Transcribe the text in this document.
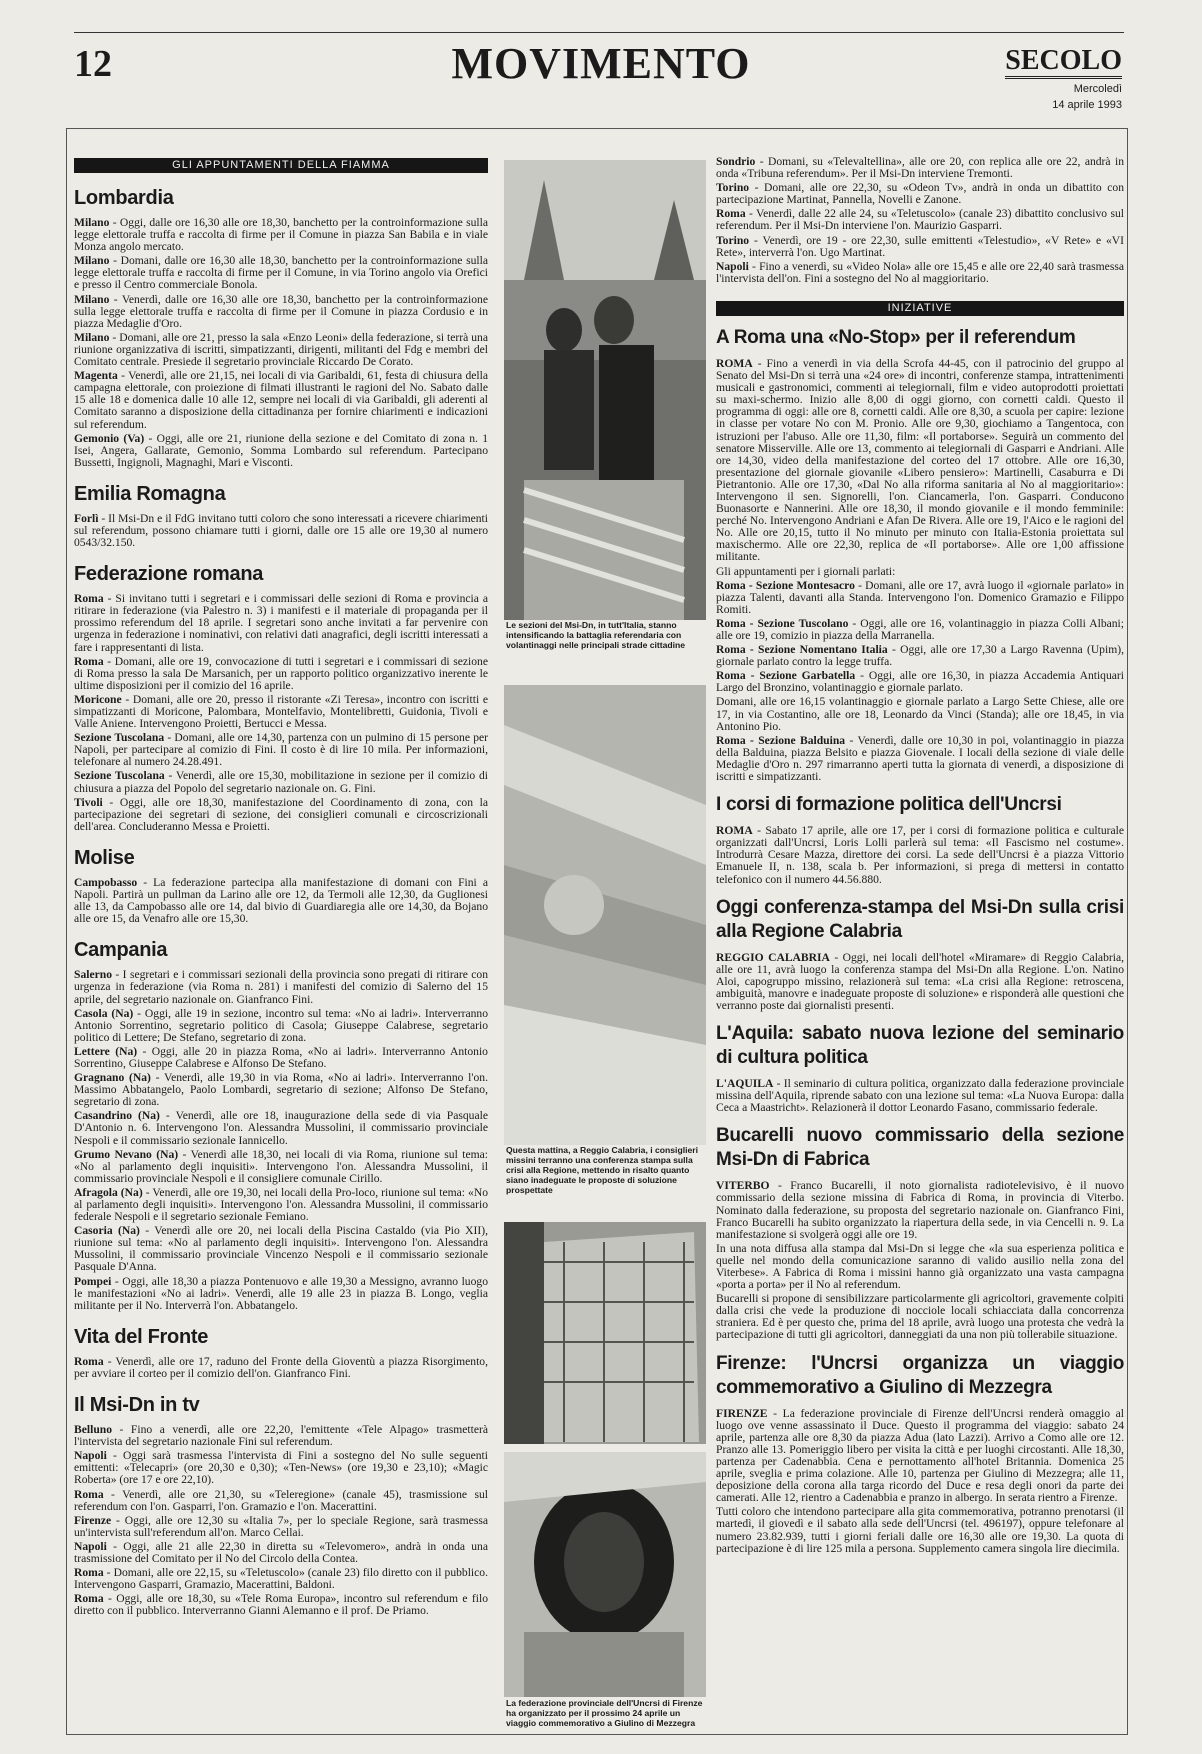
12	MOVIMENTO	SECOLO
Mercoledì
14 aprile 1993
GLI APPUNTAMENTI DELLA FIAMMA
Lombardia

Milano - Oggi, dalle ore 16,30 alle ore 18,30, banchetto per la controinformazione sulla legge elettorale truffa e raccolta di firme per il Comune in piazza San Babila e in viale Monza angolo mercato.

Milano - Domani, dalle ore 16,30 alle 18,30, banchetto per la controinformazione sulla legge elettorale truffa e raccolta di firme per il Comune, in via Torino angolo via Orefici e presso il Centro commerciale Bonola.

Milano - Venerdì, dalle ore 16,30 alle ore 18,30, banchetto per la controinformazione sulla legge elettorale truffa e raccolta di firme per il Comune in piazza Cordusio e in piazza Medaglie d'Oro.

Milano - Domani, alle ore 21, presso la sala «Enzo Leoni» della federazione, si terrà una riunione organizzativa di iscritti, simpatizzanti, dirigenti, militanti del Fdg e membri del Comitato centrale. Presiede il segretario provinciale Riccardo De Corato.

Magenta - Venerdì, alle ore 21,15, nei locali di via Garibaldi, 61, festa di chiusura della campagna elettorale, con proiezione di filmati illustranti le ragioni del No. Sabato dalle 15 alle 18 e domenica dalle 10 alle 12, sempre nei locali di via Garibaldi, gli aderenti al Comitato saranno a disposizione della cittadinanza per fornire chiarimenti e indicazioni sul referendum.

Gemonio (Va) - Oggi, alle ore 21, riunione della sezione e del Comitato di zona n. 1 Isei, Angera, Gallarate, Gemonio, Somma Lombardo sul referendum. Partecipano Bussetti, Ingignoli, Magnaghi, Mari e Visconti.

Emilia Romagna

Forlì - Il Msi-Dn e il FdG invitano tutti coloro che sono interessati a ricevere chiarimenti sul referendum, possono chiamare tutti i giorni, dalle ore 15 alle ore 19,30 al numero 0543/32.150.

Federazione romana

Roma - Si invitano tutti i segretari e i commissari delle sezioni di Roma e provincia a ritirare in federazione (via Palestro n. 3) i manifesti e il materiale di propaganda per il prossimo referendum del 18 aprile. I segretari sono anche invitati a far pervenire con urgenza in federazione i nominativi, con relativi dati anagrafici, degli iscritti interessati a fare i rappresentanti di lista.

Roma - Domani, alle ore 19, convocazione di tutti i segretari e i commissari di sezione di Roma presso la sala De Marsanich, per un rapporto politico organizzativo inerente le ultime disposizioni per il comizio del 16 aprile.

Moricone - Domani, alle ore 20, presso il ristorante «Zi Teresa», incontro con iscritti e simpatizzanti di Moricone, Palombara, Montelfavio, Montelibretti, Guidonia, Tivoli e Valle Aniene. Intervengono Proietti, Bertucci e Messa.

Sezione Tuscolana - Domani, alle ore 14,30, partenza con un pulmino di 15 persone per Napoli, per partecipare al comizio di Fini. Il costo è di lire 10 mila. Per informazioni, telefonare al numero 24.28.491.

Sezione Tuscolana - Venerdì, alle ore 15,30, mobilitazione in sezione per il comizio di chiusura a piazza del Popolo del segretario nazionale on. G. Fini.

Tivoli - Oggi, alle ore 18,30, manifestazione del Coordinamento di zona, con la partecipazione dei segretari di sezione, dei consiglieri comunali e circoscrizionali dell'area. Concluderanno Messa e Proietti.

Molise

Campobasso - La federazione partecipa alla manifestazione di domani con Fini a Napoli. Partirà un pullman da Larino alle ore 12, da Termoli alle 12,30, da Guglionesi alle 13, da Campobasso alle ore 14, dal bivio di Guardiaregia alle ore 14,30, da Bojano alle ore 15, da Venafro alle ore 15,30.

Campania

Salerno - I segretari e i commissari sezionali della provincia sono pregati di ritirare con urgenza in federazione (via Roma n. 281) i manifesti del comizio di Salerno del 15 aprile, del segretario nazionale on. Gianfranco Fini.

Casola (Na) - Oggi, alle 19 in sezione, incontro sul tema: «No ai ladri». Interverranno Antonio Sorrentino, segretario politico di Casola; Giuseppe Calabrese, segretario politico di Lettere; De Stefano, segretario di zona.

Lettere (Na) - Oggi, alle 20 in piazza Roma, «No ai ladri». Interverranno Antonio Sorrentino, Giuseppe Calabrese e Alfonso De Stefano.

Gragnano (Na) - Venerdì, alle 19,30 in via Roma, «No ai ladri». Interverranno l'on. Massimo Abbatangelo, Paolo Lombardi, segretario di sezione; Alfonso De Stefano, segretario di zona.

Casandrino (Na) - Venerdì, alle ore 18, inaugurazione della sede di via Pasquale D'Antonio n. 6. Intervengono l'on. Alessandra Mussolini, il commissario provinciale Nespoli e il commissario sezionale Iannicello.

Grumo Nevano (Na) - Venerdì alle 18,30, nei locali di via Roma, riunione sul tema: «No al parlamento degli inquisiti». Intervengono l'on. Alessandra Mussolini, il commissario provinciale Nespoli e il consigliere comunale Cirillo.

Afragola (Na) - Venerdì, alle ore 19,30, nei locali della Pro-loco, riunione sul tema: «No al parlamento degli inquisiti». Intervengono l'on. Alessandra Mussolini, il commissario federale Nespoli e il segretario sezionale Femiano.

Casoria (Na) - Venerdì alle ore 20, nei locali della Piscina Castaldo (via Pio XII), riunione sul tema: «No al parlamento degli inquisiti». Intervengono l'on. Alessandra Mussolini, il commissario provinciale Vincenzo Nespoli e il commissario sezionale Pasquale D'Anna.

Pompei - Oggi, alle 18,30 a piazza Pontenuovo e alle 19,30 a Messigno, avranno luogo le manifestazioni «No ai ladri». Venerdì, alle 19 alle 23 in piazza B. Longo, veglia militante per il No. Interverrà l'on. Abbatangelo.

Vita del Fronte

Roma - Venerdì, alle ore 17, raduno del Fronte della Gioventù a piazza Risorgimento, per avviare il corteo per il comizio dell'on. Gianfranco Fini.

Il Msi-Dn in tv

Belluno - Fino a venerdì, alle ore 22,20, l'emittente «Tele Alpago» trasmetterà l'intervista del segretario nazionale Fini sul referendum.

Napoli - Oggi sarà trasmessa l'intervista di Fini a sostegno del No sulle seguenti emittenti: «Telecapri» (ore 20,30 e 0,30); «Ten-News» (ore 19,30 e 23,10); «Magic Roberta» (ore 17 e ore 22,10).

Roma - Venerdì, alle ore 21,30, su «Teleregione» (canale 45), trasmissione sul referendum con l'on. Gasparri, l'on. Gramazio e l'on. Macerattini.

Firenze - Oggi, alle ore 12,30 su «Italia 7», per lo speciale Regione, sarà trasmessa un'intervista sull'referendum all'on. Marco Cellai.

Napoli - Oggi, alle 21 alle 22,30 in diretta su «Televomero», andrà in onda una trasmissione del Comitato per il No del Circolo della Contea.

Roma - Domani, alle ore 22,15, su «Teletuscolo» (canale 23) filo diretto con il pubblico. Intervengono Gasparri, Gramazio, Macerattini, Baldoni.

Roma - Oggi, alle ore 18,30, su «Tele Roma Europa», incontro sul referendum e filo diretto con il pubblico. Interverranno Gianni Alemanno e il prof. De Priamo.

Le sezioni del Msi-Dn, in tutt'Italia, stanno intensificando la battaglia referendaria con volantinaggi nelle principali strade cittadine
Questa mattina, a Reggio Calabria, i consiglieri missini terranno una conferenza stampa sulla crisi alla Regione, mettendo in risalto quanto siano inadeguate le proposte di soluzione prospettate
La federazione provinciale dell'Uncrsi di Firenze ha organizzato per il prossimo 24 aprile un viaggio commemorativo a Giulino di Mezzegra

Sondrio - Domani, su «Televaltellina», alle ore 20, con replica alle ore 22, andrà in onda «Tribuna referendum». Per il Msi-Dn interviene Tremonti.

Torino - Domani, alle ore 22,30, su «Odeon Tv», andrà in onda un dibattito con partecipazione Martinat, Pannella, Novelli e Zanone.

Roma - Venerdì, dalle 22 alle 24, su «Teletuscolo» (canale 23) dibattito conclusivo sul referendum. Per il Msi-Dn interviene l'on. Maurizio Gasparri.

Torino - Venerdì, ore 19 - ore 22,30, sulle emittenti «Telestudio», «V Rete» e «VI Rete», interverrà l'on. Ugo Martinat.

Napoli - Fino a venerdì, su «Video Nola» alle ore 15,45 e alle ore 22,40 sarà trasmessa l'intervista dell'on. Fini a sostegno del No al maggioritario.

INIZIATIVE
A Roma una «No-Stop» per il referendum

ROMA - Fino a venerdì in via della Scrofa 44-45, con il patrocinio del gruppo al Senato del Msi-Dn si terrà una «24 ore» di incontri, conferenze stampa, intrattenimenti musicali e gastronomici, commenti ai telegiornali, film e video autoprodotti proiettati su maxi-schermo. Inizio alle 8,00 di oggi giorno, con cornetti caldi. Questo il programma di oggi: alle ore 8, cornetti caldi. Alle ore 8,30, a scuola per capire: lezione in classe per votare No con M. Pronio. Alle ore 9,30, giochiamo a Tangentoca, con istruzioni per l'abuso. Alle ore 11,30, film: «Il portaborse». Seguirà un commento del senatore Misserville. Alle ore 13, commento ai telegiornali di Gasparri e Andriani. Alle ore 14,30, video della manifestazione del corteo del 17 ottobre. Alle ore 16,30, presentazione del giornale giovanile «Libero pensiero»: Martinelli, Casaburra e Di Pietrantonio. Alle ore 17,30, «Dal No alla riforma sanitaria al No al maggioritario»: Intervengono il sen. Signorelli, l'on. Ciancamerla, l'on. Gasparri. Conducono Buonasorte e Nannerini. Alle ore 18,30, il mondo giovanile e il mondo femminile: perché No. Intervengono Andriani e Afan De Rivera. Alle ore 19, l'Aico e le ragioni del No. Alle ore 20,15, tutto il No minuto per minuto con Italia-Estonia proiettata sul maxischermo. Alle ore 22,30, replica de «Il portaborse». Alle ore 1,00 affissione militante.

Gli appuntamenti per i giornali parlati:

Roma - Sezione Montesacro - Domani, alle ore 17, avrà luogo il «giornale parlato» in piazza Talenti, davanti alla Standa. Intervengono l'on. Domenico Gramazio e Filippo Romiti.

Roma - Sezione Tuscolano - Oggi, alle ore 16, volantinaggio in piazza Colli Albani; alle ore 19, comizio in piazza della Marranella.

Roma - Sezione Nomentano Italia - Oggi, alle ore 17,30 a Largo Ravenna (Upim), giornale parlato contro la legge truffa.

Roma - Sezione Garbatella - Oggi, alle ore 16,30, in piazza Accademia Antiquari Largo del Bronzino, volantinaggio e giornale parlato.

Domani, alle ore 16,15 volantinaggio e giornale parlato a Largo Sette Chiese, alle ore 17, in via Costantino, alle ore 18, Leonardo da Vinci (Standa); alle ore 18,45, in via Antonino Pio.

Roma - Sezione Balduina - Venerdì, dalle ore 10,30 in poi, volantinaggio in piazza della Balduina, piazza Belsito e piazza Giovenale. I locali della sezione di viale delle Medaglie d'Oro n. 297 rimarranno aperti tutta la giornata di venerdì, a disposizione di iscritti e simpatizzanti.

I corsi di formazione politica dell'Uncrsi

ROMA - Sabato 17 aprile, alle ore 17, per i corsi di formazione politica e culturale organizzati dall'Uncrsi, Loris Lolli parlerà sul tema: «Il Fascismo nel costume». Introdurrà Cesare Mazza, direttore dei corsi. La sede dell'Uncrsi è a piazza Vittorio Emanuele II, n. 138, scala b. Per informazioni, si prega di mettersi in contatto telefonico con il numero 44.56.880.

Oggi conferenza-stampa del Msi-Dn sulla crisi alla Regione Calabria

REGGIO CALABRIA - Oggi, nei locali dell'hotel «Miramare» di Reggio Calabria, alle ore 11, avrà luogo la conferenza stampa del Msi-Dn alla Regione. L'on. Natino Aloi, capogruppo missino, relazionerà sul tema: «La crisi alla Regione: retroscena, ambiguità, manovre e inadeguate proposte di soluzione» e risponderà alle questioni che verranno poste dai giornalisti presenti.

L'Aquila: sabato nuova lezione del seminario di cultura politica

L'AQUILA - Il seminario di cultura politica, organizzato dalla federazione provinciale missina dell'Aquila, riprende sabato con una lezione sul tema: «La Nuova Europa: dalla Ceca a Maastricht». Relazionerà il dottor Leonardo Fasano, commissario federale.

Bucarelli nuovo commissario della sezione Msi-Dn di Fabrica

VITERBO - Franco Bucarelli, il noto giornalista radiotelevisivo, è il nuovo commissario della sezione missina di Fabrica di Roma, in provincia di Viterbo. Nominato dalla federazione, su proposta del segretario nazionale on. Gianfranco Fini, Franco Bucarelli ha subito organizzato la riapertura della sede, in via Cencelli n. 9. La manifestazione si svolgerà oggi alle ore 19.

In una nota diffusa alla stampa dal Msi-Dn si legge che «la sua esperienza politica e quelle nel mondo della comunicazione saranno di valido ausilio nella zona del Viterbese». A Fabrica di Roma i missini hanno già organizzato una vasta campagna «porta a porta» per il No al referendum.

Bucarelli si propone di sensibilizzare particolarmente gli agricoltori, gravemente colpiti dalla crisi che vede la produzione di nocciole locali schiacciata dalla concorrenza straniera. Ed è per questo che, prima del 18 aprile, avrà luogo una protesta che vedrà la partecipazione di tutti gli agricoltori, danneggiati da una non più tollerabile situazione.

Firenze: l'Uncrsi organizza un viaggio commemorativo a Giulino di Mezzegra

FIRENZE - La federazione provinciale di Firenze dell'Uncrsi renderà omaggio al luogo ove venne assassinato il Duce. Questo il programma del viaggio: sabato 24 aprile, partenza alle ore 8,30 da piazza Adua (lato Lazzi). Arrivo a Como alle ore 12. Pranzo alle 13. Pomeriggio libero per visita la città e per luoghi circostanti. Alle 18,30, partenza per Cadenabbia. Cena e pernottamento all'hotel Britannia. Domenica 25 aprile, sveglia e prima colazione. Alle 10, partenza per Giulino di Mezzegra; alle 11, deposizione della corona alla targa ricordo del Duce e resa degli onori da parte dei camerati. Alle 12, rientro a Cadenabbia e pranzo in albergo. In serata rientro a Firenze.

Tutti coloro che intendono partecipare alla gita commemorativa, potranno prenotarsi (il martedì, il giovedì e il sabato alla sede dell'Uncrsi (tel. 496197), oppure telefonare al numero 23.82.939, tutti i giorni feriali dalle ore 16,30 alle ore 19,30. La quota di partecipazione è di lire 125 mila a persona. Supplemento camera singola lire diecimila.
